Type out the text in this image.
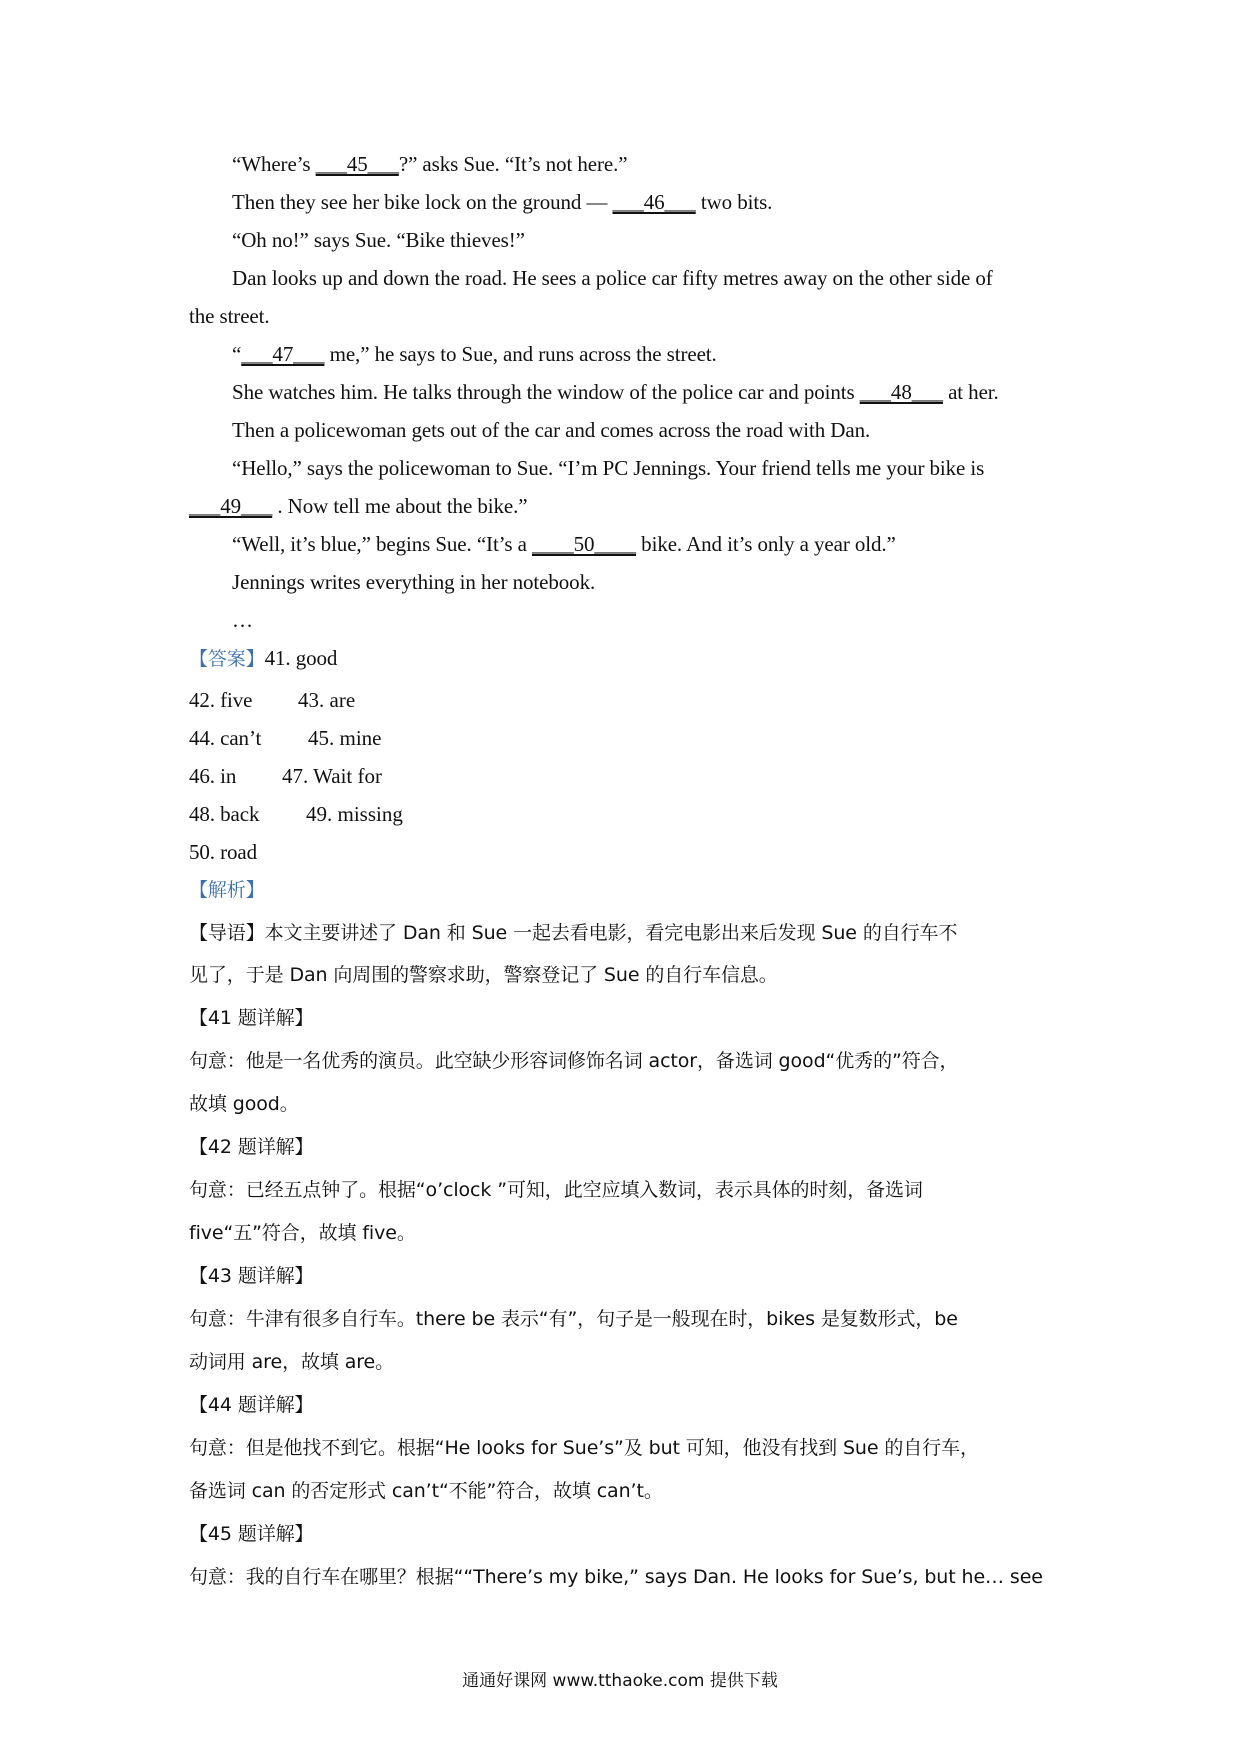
“Where’s ___45___?” asks Sue. “It’s not here.”
Then they see her bike lock on the ground — ___46___ two bits.
“Oh no!” says Sue. “Bike thieves!”
Dan looks up and down the road. He sees a police car fifty metres away on the other side of
the street.
“___47___ me,” he says to Sue, and runs across the street.
She watches him. He talks through the window of the police car and points ___48___ at her.
Then a policewoman gets out of the car and comes across the road with Dan.
“Hello,” says the policewoman to Sue. “I’m PC Jennings. Your friend tells me your bike is
___49___ . Now tell me about the bike.”
“Well, it’s blue,” begins Sue. “It’s a ____50____ bike. And it’s only a year old.”
Jennings writes everything in her notebook.
…
【答案】41. good
42. five 43. are
44. can’t 45. mine
46. in 47. Wait for
48. back 49. missing
50. road
【解析】
【导语】本文主要讲述了 Dan 和 Sue 一起去看电影，看完电影出来后发现 Sue 的自行车不
见了，于是 Dan 向周围的警察求助，警察登记了 Sue 的自行车信息。
【41 题详解】
句意：他是一名优秀的演员。此空缺少形容词修饰名词 actor，备选词 good“优秀的”符合，
故填 good。
【42 题详解】
句意：已经五点钟了。根据“o’clock ”可知，此空应填入数词，表示具体的时刻，备选词
five“五”符合，故填 five。
【43 题详解】
句意：牛津有很多自行车。there be 表示“有”，句子是一般现在时，bikes 是复数形式，be
动词用 are，故填 are。
【44 题详解】
句意：但是他找不到它。根据“He looks for Sue’s”及 but 可知，他没有找到 Sue 的自行车，
备选词 can 的否定形式 can’t“不能”符合，故填 can’t。
【45 题详解】
句意：我的自行车在哪里？根据““There’s my bike,” says Dan. He looks for Sue’s, but he… see
通通好课网 www.tthaoke.com 提供下载
